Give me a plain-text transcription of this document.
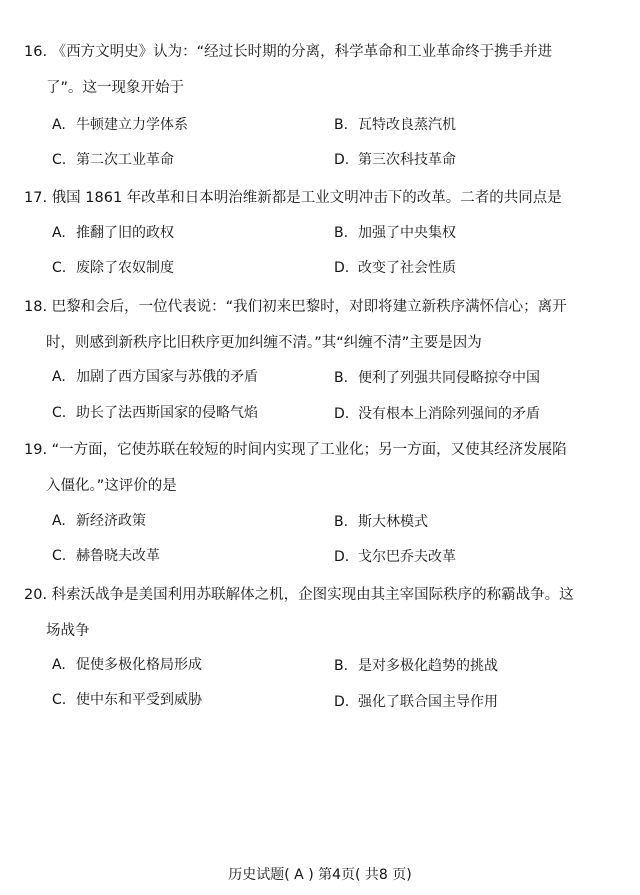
16. 《西方文明史》认为：“经过长时期的分离，科学革命和工业革命终于携手并进
了”。这一现象开始于
A. 牛顿建立力学体系	B. 瓦特改良蒸汽机
C. 第二次工业革命	D. 第三次科技革命
17. 俄国 1861 年改革和日本明治维新都是工业文明冲击下的改革。二者的共同点是
A. 推翻了旧的政权	B. 加强了中央集权
C. 废除了农奴制度	D. 改变了社会性质
18. 巴黎和会后，一位代表说：“我们初来巴黎时，对即将建立新秩序满怀信心；离开
时，则感到新秩序比旧秩序更加纠缠不清。”其“纠缠不清”主要是因为
A. 加剧了西方国家与苏俄的矛盾	B. 便利了列强共同侵略掠夺中国
C. 助长了法西斯国家的侵略气焰	D. 没有根本上消除列强间的矛盾
19. “一方面，它使苏联在较短的时间内实现了工业化；另一方面，又使其经济发展陷
入僵化。”这评价的是
A. 新经济政策	B. 斯大林模式
C. 赫鲁晓夫改革	D. 戈尔巴乔夫改革
20. 科索沃战争是美国利用苏联解体之机，企图实现由其主宰国际秩序的称霸战争。这
场战争
A. 促使多极化格局形成	B. 是对多极化趋势的挑战
C. 使中东和平受到威胁	D. 强化了联合国主导作用
历史试题( A ) 第4页( 共8 页)
